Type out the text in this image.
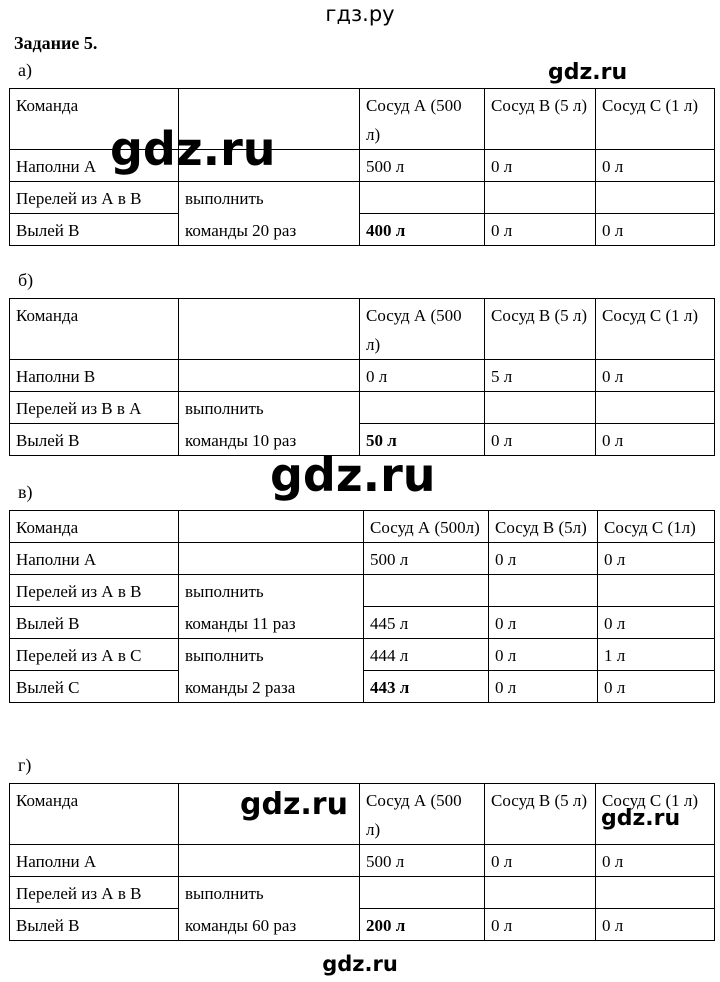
гдз.ру
Задание 5.
а)
Команда		Сосуд А (500 л)	Сосуд В (5 л)	Сосуд С (1 л)
Наполни А		500 л	0 л	0 л
Перелей из А в В	выполнить			
Вылей В	команды 20 раз	400 л	0 л	0 л
б)
Команда		Сосуд А (500 л)	Сосуд В (5 л)	Сосуд С (1 л)
Наполни В		0 л	5 л	0 л
Перелей из В в А	выполнить			
Вылей В	команды 10 раз	50 л	0 л	0 л
в)
Команда		Сосуд А (500л)	Сосуд В (5л)	Сосуд С (1л)
Наполни А		500 л	0 л	0 л
Перелей из А в В	выполнить			
Вылей В	команды 11 раз	445 л	0 л	0 л
Перелей из А в С	выполнить	444 л	0 л	1 л
Вылей С	команды 2 раза	443 л	0 л	0 л
г)
Команда		Сосуд А (500 л)	Сосуд В (5 л)	Сосуд С (1 л)
Наполни А		500 л	0 л	0 л
Перелей из А в В	выполнить			
Вылей В	команды 60 раз	200 л	0 л	0 л
gdz.ru
gdz.ru
gdz.ru
gdz.ru	gdz.ru
gdz.ru
